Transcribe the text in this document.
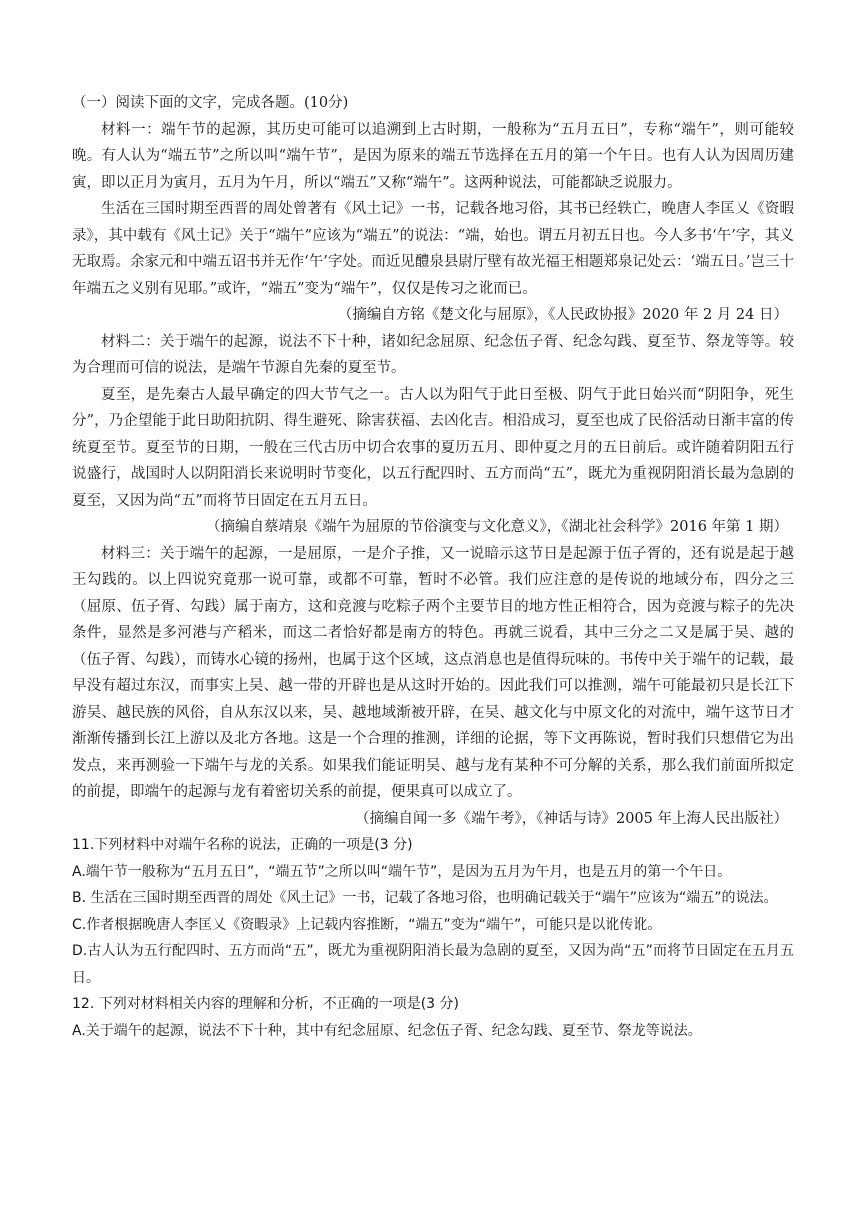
（一）阅读下面的文字，完成各题。(10分)

材料一：端午节的起源，其历史可能可以追溯到上古时期，一般称为“五月五日”，专称“端午”，则可能较晚。有人认为“端五节”之所以叫“端午节”，是因为原来的端五节选择在五月的第一个午日。也有人认为因周历建寅，即以正月为寅月，五月为午月，所以“端五”又称“端午”。这两种说法，可能都缺乏说服力。

生活在三国时期至西晋的周处曾著有《风土记》一书，记载各地习俗，其书已经轶亡，晚唐人李匡乂《资暇录》，其中载有《风土记》关于“端午”应该为“端五”的说法：“端，始也。谓五月初五日也。今人多书‘午’字，其义无取焉。余家元和中端五诏书并无作‘午’字处。而近见醴泉县尉厅壁有故光福王相题郑泉记处云：‘端五日。’岂三十年端五之义别有见耶。”或许，“端五”变为“端午”，仅仅是传习之讹而已。

（摘编自方铭《楚文化与屈原》，《人民政协报》2020 年 2 月 24 日）

材料二：关于端午的起源，说法不下十种，诸如纪念屈原、纪念伍子胥、纪念勾践、夏至节、祭龙等等。较为合理而可信的说法，是端午节源自先秦的夏至节。

夏至，是先秦古人最早确定的四大节气之一。古人以为阳气于此日至极、阴气于此日始兴而“阴阳争，死生分”，乃企望能于此日助阳抗阴、得生避死、除害获福、去凶化吉。相沿成习，夏至也成了民俗活动日渐丰富的传统夏至节。夏至节的日期，一般在三代古历中切合农事的夏历五月、即仲夏之月的五日前后。或许随着阴阳五行说盛行，战国时人以阴阳消长来说明时节变化，以五行配四时、五方而尚“五”，既尤为重视阴阳消长最为急剧的夏至，又因为尚“五”而将节日固定在五月五日。

（摘编自蔡靖泉《端午为屈原的节俗演变与文化意义》，《湖北社会科学》2016 年第 1 期）

材料三：关于端午的起源，一是屈原，一是介子推，又一说暗示这节日是起源于伍子胥的，还有说是起于越王勾践的。以上四说究竟那一说可靠，或都不可靠，暂时不必管。我们应注意的是传说的地域分布，四分之三（屈原、伍子胥、勾践）属于南方，这和竞渡与吃粽子两个主要节目的地方性正相符合，因为竞渡与粽子的先决条件，显然是多河港与产稻米，而这二者恰好都是南方的特色。再就三说看，其中三分之二又是属于吴、越的（伍子胥、勾践），而铸水心镜的扬州，也属于这个区域，这点消息也是值得玩味的。书传中关于端午的记载，最早没有超过东汉，而事实上吴、越一带的开辟也是从这时开始的。因此我们可以推测，端午可能最初只是长江下游吴、越民族的风俗，自从东汉以来，吴、越地域渐被开辟，在吴、越文化与中原文化的对流中，端午这节日才渐渐传播到长江上游以及北方各地。这是一个合理的推测，详细的论据，等下文再陈说，暂时我们只想借它为出发点，来再测验一下端午与龙的关系。如果我们能证明吴、越与龙有某种不可分解的关系，那么我们前面所拟定的前提，即端午的起源与龙有着密切关系的前提，便果真可以成立了。

（摘编自闻一多《端午考》，《神话与诗》2005 年上海人民出版社）

11.下列材料中对端午名称的说法，正确的一项是(3 分)

A.端午节一般称为“五月五日”，“端五节”之所以叫“端午节”，是因为五月为午月，也是五月的第一个午日。

B. 生活在三国时期至西晋的周处《风土记》一书，记载了各地习俗，也明确记载关于“端午”应该为“端五”的说法。

C.作者根据晚唐人李匡乂《资暇录》上记载内容推断，“端五”变为“端午”，可能只是以讹传讹。

D.古人认为五行配四时、五方而尚“五”，既尤为重视阴阳消长最为急剧的夏至，又因为尚“五”而将节日固定在五月五日。

12. 下列对材料相关内容的理解和分析，不正确的一项是(3 分)

A.关于端午的起源，说法不下十种，其中有纪念屈原、纪念伍子胥、纪念勾践、夏至节、祭龙等说法。
